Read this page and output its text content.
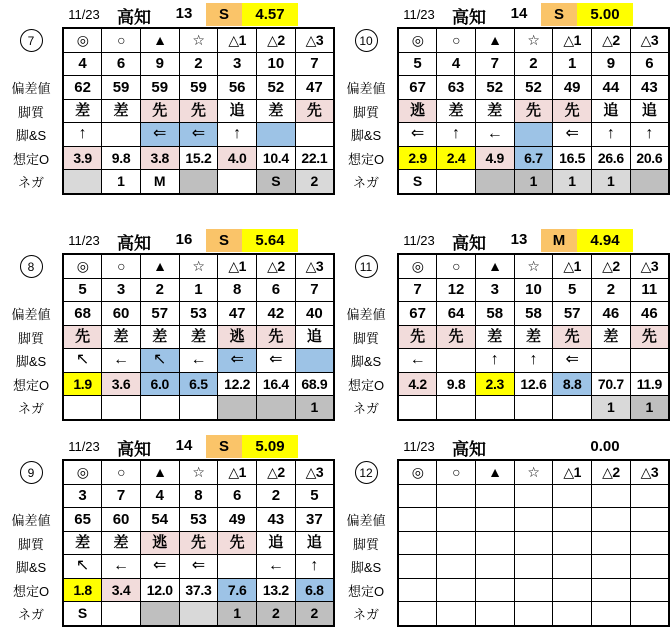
11/23	高知	13	S	4.57
7
偏差値
脚質
脚&S
想定O
ネガ
◎	○	▲	☆	△1	△2	△3
4	6	9	2	3	10	7
62	59	59	59	56	52	47
差	差	先	先	追	差	先
↑		⇐	⇐	↑		
3.9	9.8	3.8	15.2	4.0	10.4	22.1
	1	M			S	2
11/23	高知	14	S	5.00
10
偏差値
脚質
脚&S
想定O
ネガ
◎	○	▲	☆	△1	△2	△3
5	4	7	2	1	9	6
67	63	52	52	49	44	43
逃	差	差	先	先	追	追
⇐	↑	←		⇐	↑	↑
2.9	2.4	4.9	6.7	16.5	26.6	20.6
S			1	1	1	
11/23	高知	16	S	5.64
8
偏差値
脚質
脚&S
想定O
ネガ
◎	○	▲	☆	△1	△2	△3
5	3	2	1	8	6	7
68	60	57	53	47	42	40
先	差	差	差	逃	先	追
↖	←	↖	←	⇐	⇐	
1.9	3.6	6.0	6.5	12.2	16.4	68.9
						1
11/23	高知	13	M	4.94
11
偏差値
脚質
脚&S
想定O
ネガ
◎	○	▲	☆	△1	△2	△3
7	12	3	10	5	2	11
67	64	58	58	57	46	46
先	先	差	差	先	差	先
←		↑	↑	⇐		
4.2	9.8	2.3	12.6	8.8	70.7	11.9
					1	1
11/23	高知	14	S	5.09
9
偏差値
脚質
脚&S
想定O
ネガ
◎	○	▲	☆	△1	△2	△3
3	7	4	8	6	2	5
65	60	54	53	49	43	37
差	差	逃	先	先	追	追
↖	←	⇐	⇐		←	↑
1.8	3.4	12.0	37.3	7.6	13.2	6.8
S				1	2	2
11/23	高知	0.00
12
偏差値
脚質
脚&S
想定O
ネガ
◎	○	▲	☆	△1	△2	△3
